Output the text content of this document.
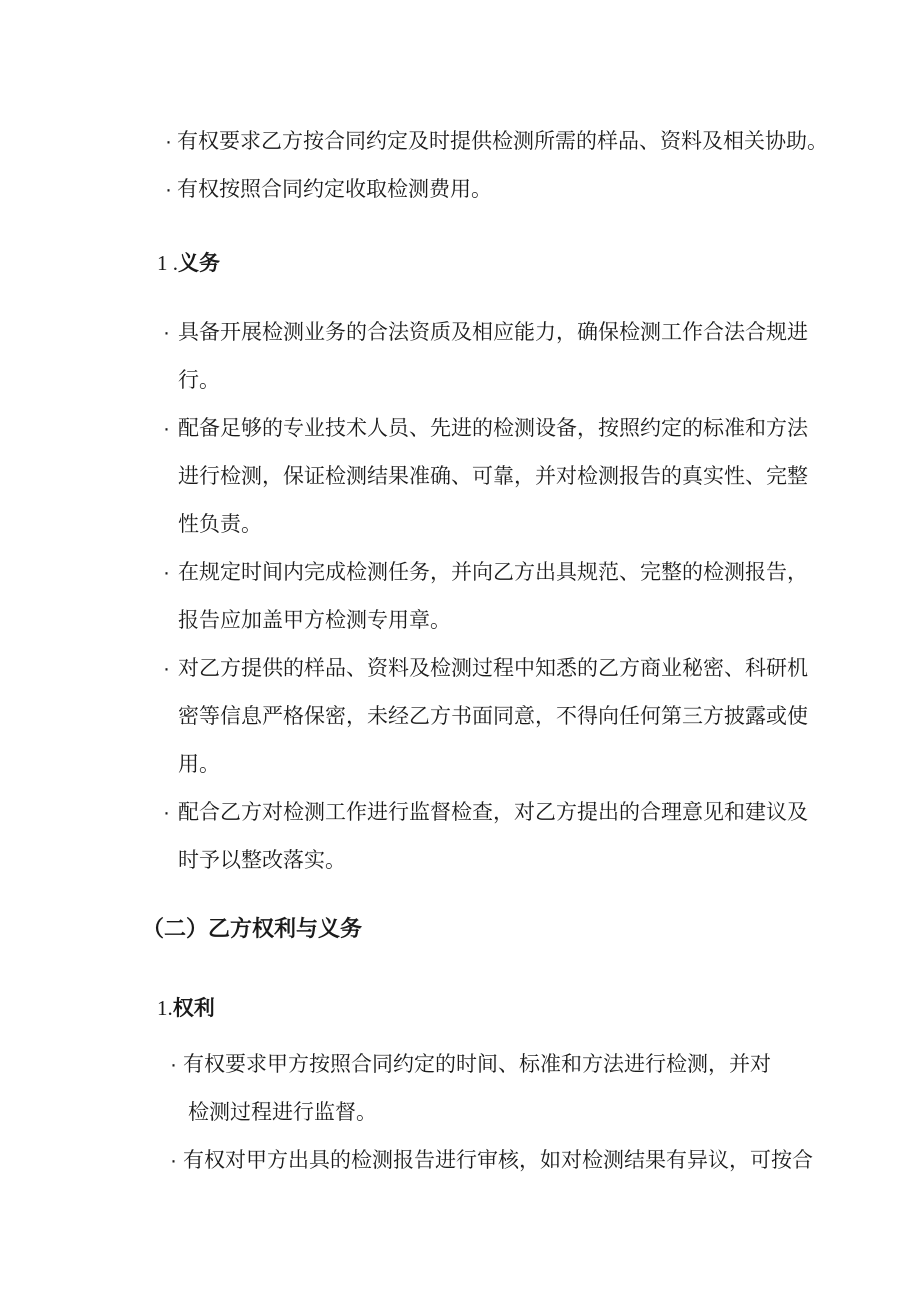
· 有权要求乙方按合同约定及时提供检测所需的样品、资料及相关协助。
· 有权按照合同约定收取检测费用。
1 .义务
· 具备开展检测业务的合法资质及相应能力，确保检测工作合法合规进
行。
· 配备足够的专业技术人员、先进的检测设备，按照约定的标准和方法
进行检测，保证检测结果准确、可靠，并对检测报告的真实性、完整
性负责。
· 在规定时间内完成检测任务，并向乙方出具规范、完整的检测报告，
报告应加盖甲方检测专用章。
· 对乙方提供的样品、资料及检测过程中知悉的乙方商业秘密、科研机
密等信息严格保密，未经乙方书面同意，不得向任何第三方披露或使
用。
· 配合乙方对检测工作进行监督检查，对乙方提出的合理意见和建议及
时予以整改落实。
（二）乙方权利与义务
1.权利
· 有权要求甲方按照合同约定的时间、标准和方法进行检测，并对
检测过程进行监督。
· 有权对甲方出具的检测报告进行审核，如对检测结果有异议，可按合
